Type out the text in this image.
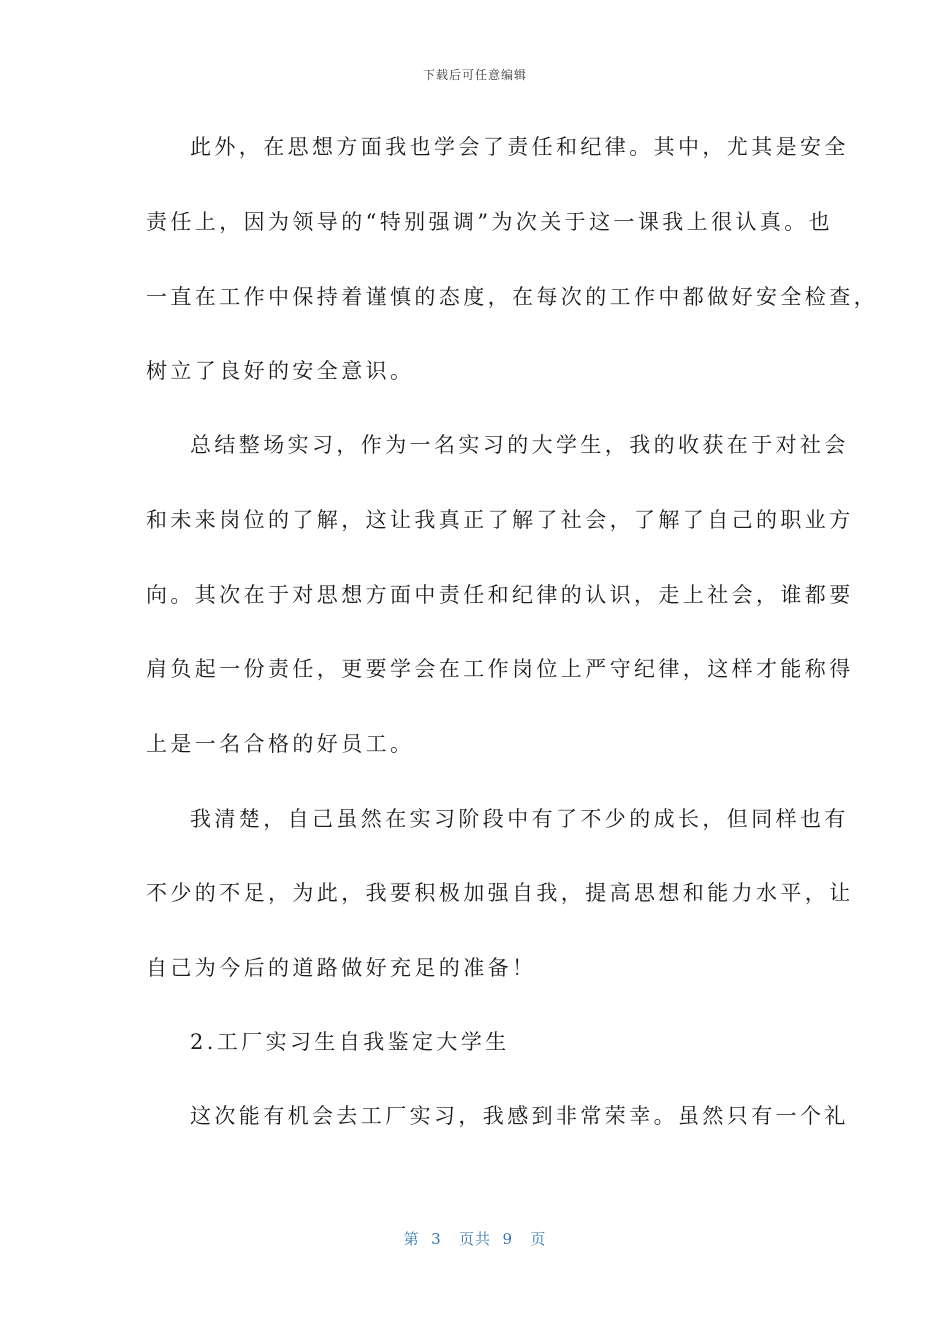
下载后可任意编辑
此外，在思想方面我也学会了责任和纪律。其中，尤其是安全
责任上，因为领导的“特别强调”为次关于这一课我上很认真。也
一直在工作中保持着谨慎的态度，在每次的工作中都做好安全检查，
树立了良好的安全意识。
总结整场实习，作为一名实习的大学生，我的收获在于对社会
和未来岗位的了解，这让我真正了解了社会，了解了自己的职业方
向。其次在于对思想方面中责任和纪律的认识，走上社会，谁都要
肩负起一份责任，更要学会在工作岗位上严守纪律，这样才能称得
上是一名合格的好员工。
我清楚，自己虽然在实习阶段中有了不少的成长，但同样也有
不少的不足，为此，我要积极加强自我，提高思想和能力水平，让
自己为今后的道路做好充足的准备！
2.工厂实习生自我鉴定大学生
这次能有机会去工厂实习，我感到非常荣幸。虽然只有一个礼
第  3   页共  9   页
